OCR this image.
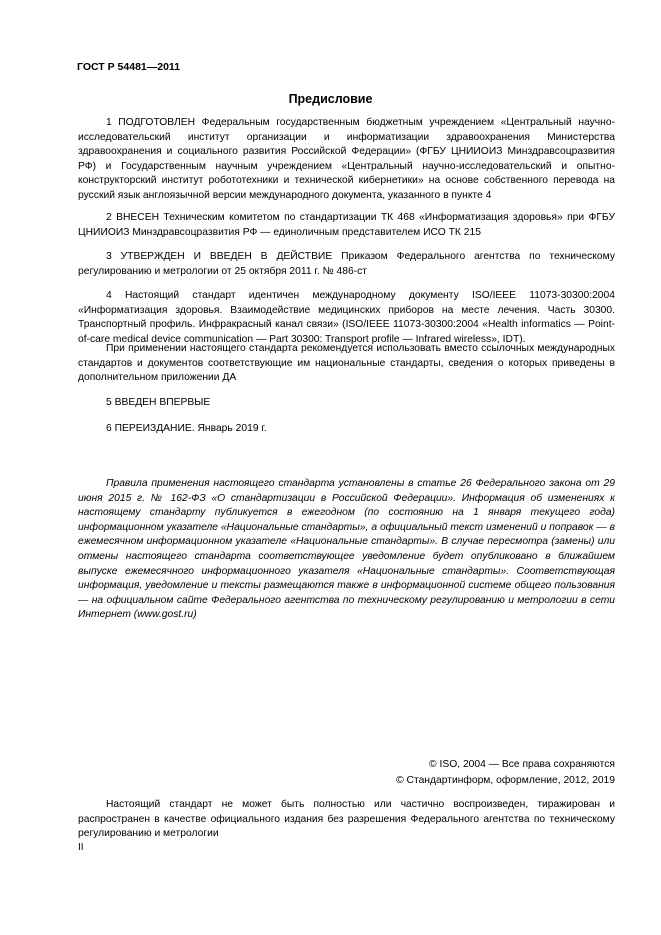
ГОСТ Р 54481—2011
Предисловие

1 ПОДГОТОВЛЕН Федеральным государственным бюджетным учреждением «Центральный научно-исследовательский институт организации и информатизации здравоохранения Министерства здравоохранения и социального развития Российской Федерации» (ФГБУ ЦНИИОИЗ Минздравсоцразвития РФ) и Государственным научным учреждением «Центральный научно-исследовательский и опытно-конструкторский институт робототехники и технической кибернетики» на основе собственного перевода на русский язык англоязычной версии международного документа, указанного в пункте 4

2 ВНЕСЕН Техническим комитетом по стандартизации ТК 468 «Информатизация здоровья» при ФГБУ ЦНИИОИЗ Минздравсоцразвития РФ — единоличным представителем ИСО ТК 215

3 УТВЕРЖДЕН И ВВЕДЕН В ДЕЙСТВИЕ Приказом Федерального агентства по техническому регулированию и метрологии от 25 октября 2011 г. № 486-ст

4 Настоящий стандарт идентичен международному документу ISO/IEEE 11073-30300:2004 «Информатизация здоровья. Взаимодействие медицинских приборов на месте лечения. Часть 30300. Транспортный профиль. Инфракрасный канал связи» (ISO/IEEE 11073-30300:2004 «Health informatics — Point-of-care medical device communication — Part 30300: Transport profile — Infrared wireless», IDT).

При применении настоящего стандарта рекомендуется использовать вместо ссылочных международных стандартов и документов соответствующие им национальные стандарты, сведения о которых приведены в дополнительном приложении ДА

5 ВВЕДЕН ВПЕРВЫЕ

6 ПЕРЕИЗДАНИЕ. Январь 2019 г.

Правила применения настоящего стандарта установлены в статье 26 Федерального закона от 29 июня 2015 г. № 162-ФЗ «О стандартизации в Российской Федерации». Информация об изменениях к настоящему стандарту публикуется в ежегодном (по состоянию на 1 января текущего года) информационном указателе «Национальные стандарты», а официальный текст изменений и поправок — в ежемесячном информационном указателе «Национальные стандарты». В случае пересмотра (замены) или отмены настоящего стандарта соответствующее уведомление будет опубликовано в ближайшем выпуске ежемесячного информационного указателя «Национальные стандарты». Соответствующая информация, уведомление и тексты размещаются также в информационной системе общего пользования — на официальном сайте Федерального агентства по техническому регулированию и метрологии в сети Интернет (www.gost.ru)

© ISO, 2004 — Все права сохраняются
© Стандартинформ, оформление, 2012, 2019

Настоящий стандарт не может быть полностью или частично воспроизведен, тиражирован и распространен в качестве официального издания без разрешения Федерального агентства по техническому регулированию и метрологии

II
